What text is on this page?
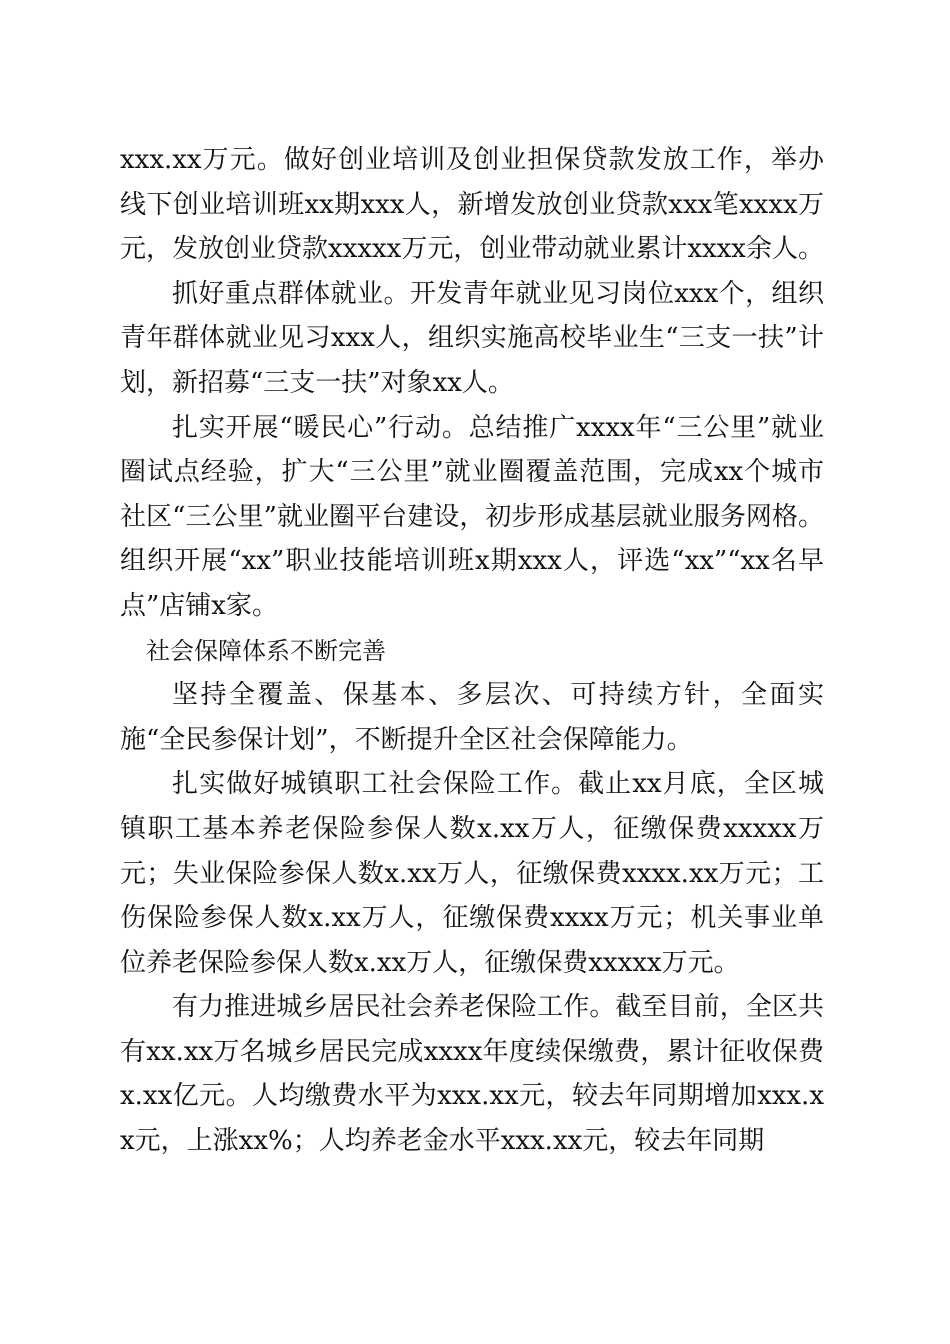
xxx.xx万元。做好创业培训及创业担保贷款发放工作，举办线下创业培训班xx期xxx人，新增发放创业贷款xxx笔xxxx万元，发放创业贷款xxxxx万元，创业带动就业累计xxxx余人。

抓好重点群体就业。开发青年就业见习岗位xxx个，组织青年群体就业见习xxx人，组织实施高校毕业生“三支一扶”计划，新招募“三支一扶”对象xx人。

扎实开展“暖民心”行动。总结推广xxxx年“三公里”就业圈试点经验，扩大“三公里”就业圈覆盖范围，完成xx个城市社区“三公里”就业圈平台建设，初步形成基层就业服务网格。组织开展“xx”职业技能培训班x期xxx人，评选“xx”“xx名早点”店铺x家。

社会保障体系不断完善

坚持全覆盖、保基本、多层次、可持续方针，全面实施“全民参保计划”，不断提升全区社会保障能力。

扎实做好城镇职工社会保险工作。截止xx月底，全区城镇职工基本养老保险参保人数x.xx万人，征缴保费xxxxx万元；失业保险参保人数x.xx万人，征缴保费xxxx.xx万元；工伤保险参保人数x.xx万人，征缴保费xxxx万元；机关事业单位养老保险参保人数x.xx万人，征缴保费xxxxx万元。

有力推进城乡居民社会养老保险工作。截至目前，全区共有xx.xx万名城乡居民完成xxxx年度续保缴费，累计征收保费x.xx亿元。人均缴费水平为xxx.xx元，较去年同期增加xxx.xx元，上涨xx%；人均养老金水平xxx.xx元，较去年同期
